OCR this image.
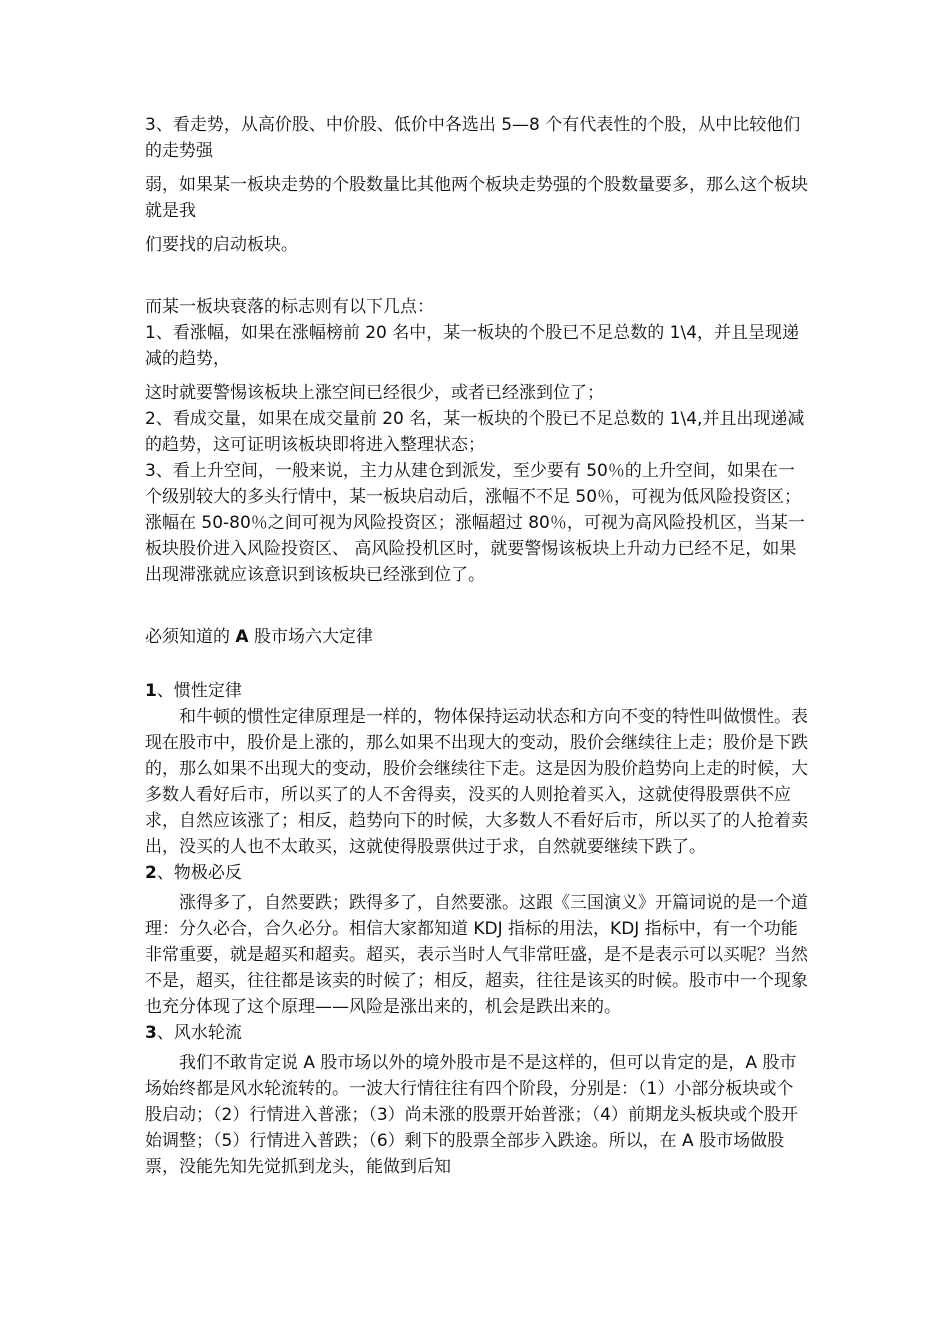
3、看走势，从高价股、中价股、低价中各选出 5—8 个有代表性的个股，从中比较他们的走势强

弱，如果某一板块走势的个股数量比其他两个板块走势强的个股数量要多，那么这个板块就是我

们要找的启动板块。

而某一板块衰落的标志则有以下几点：

1、看涨幅，如果在涨幅榜前 20 名中，某一板块的个股已不足总数的 1\4，并且呈现递减的趋势，

这时就要警惕该板块上涨空间已经很少，或者已经涨到位了；

2、看成交量，如果在成交量前 20 名，某一板块的个股已不足总数的 1\4,并且出现递减的趋势，这可证明该板块即将进入整理状态；

3、看上升空间，一般来说，主力从建仓到派发，至少要有 50％的上升空间，如果在一个级别较大的多头行情中，某一板块启动后，涨幅不不足 50％，可视为低风险投资区；涨幅在 50-80％之间可视为风险投资区；涨幅超过 80％，可视为高风险投机区，当某一板块股价进入风险投资区、 高风险投机区时，就要警惕该板块上升动力已经不足，如果出现滞涨就应该意识到该板块已经涨到位了。

必须知道的 A 股市场六大定律

1、惯性定律

和牛顿的惯性定律原理是一样的，物体保持运动状态和方向不变的特性叫做惯性。表现在股市中，股价是上涨的，那么如果不出现大的变动，股价会继续往上走；股价是下跌的，那么如果不出现大的变动，股价会继续往下走。这是因为股价趋势向上走的时候，大多数人看好后市，所以买了的人不舍得卖，没买的人则抢着买入，这就使得股票供不应求，自然应该涨了；相反，趋势向下的时候，大多数人不看好后市，所以买了的人抢着卖出，没买的人也不太敢买，这就使得股票供过于求，自然就要继续下跌了。

2、物极必反

涨得多了，自然要跌；跌得多了，自然要涨。这跟《三国演义》开篇词说的是一个道理：分久必合，合久必分。相信大家都知道 KDJ 指标的用法，KDJ 指标中，有一个功能非常重要，就是超买和超卖。超买，表示当时人气非常旺盛，是不是表示可以买呢？当然不是，超买，往往都是该卖的时候了；相反，超卖，往往是该买的时候。股市中一个现象也充分体现了这个原理——风险是涨出来的，机会是跌出来的。

3、风水轮流

我们不敢肯定说 A 股市场以外的境外股市是不是这样的，但可以肯定的是，A 股市场始终都是风水轮流转的。一波大行情往往有四个阶段，分别是：（1）小部分板块或个股启动；（2）行情进入普涨；（3）尚未涨的股票开始普涨；（4）前期龙头板块或个股开始调整；（5）行情进入普跌；（6）剩下的股票全部步入跌途。所以，在 A 股市场做股票，没能先知先觉抓到龙头，能做到后知
